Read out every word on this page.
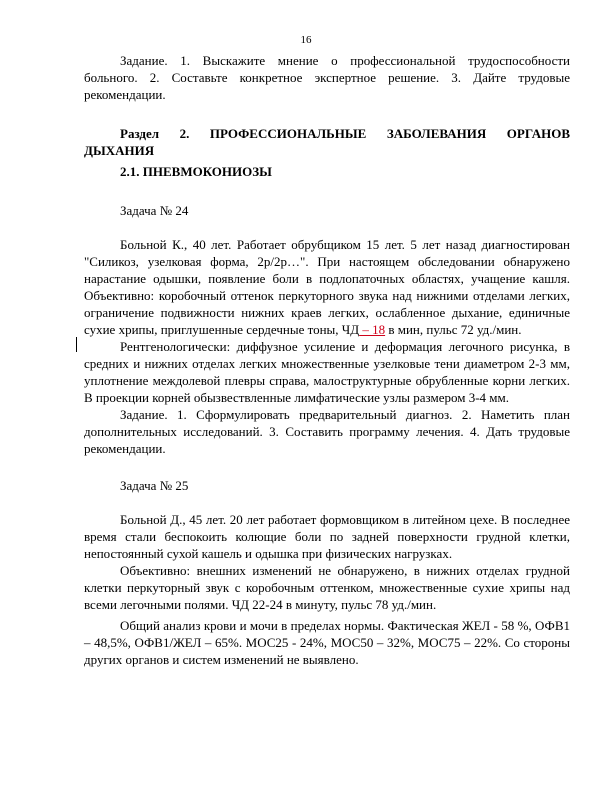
16

Задание. 1. Выскажите мнение о профессиональной трудоспособности больного. 2. Составьте конкретное экспертное решение. 3. Дайте трудовые рекомендации.

Раздел 2. ПРОФЕССИОНАЛЬНЫЕ ЗАБОЛЕВАНИЯ ОРГАНОВ ДЫХАНИЯ
2.1. ПНЕВМОКОНИОЗЫ
Задача № 24

Больной К., 40 лет. Работает обрубщиком 15 лет. 5 лет назад диагностирован "Силикоз, узелковая форма, 2р/2р…". При настоящем обследовании обнаружено нарастание одышки, появление боли в подлопаточных областях, учащение кашля. Объективно: коробочный оттенок перкуторного звука над нижними отделами легких, ограничение подвижности нижних краев легких, ослабленное дыхание, единичные сухие хрипы, приглушенные сердечные тоны, ЧД – 18 в мин, пульс 72 уд./мин.

Рентгенологически: диффузное усиление и деформация легочного рисунка, в средних и нижних отделах легких множественные узелковые тени диаметром 2-3 мм, уплотнение междолевой плевры справа, малоструктурные обрубленные корни легких. В проекции корней обызвествленные лимфатические узлы размером 3-4 мм.

Задание. 1. Сформулировать предварительный диагноз. 2. Наметить план дополнительных исследований. 3. Составить программу лечения. 4. Дать трудовые рекомендации.

Задача № 25

Больной Д., 45 лет. 20 лет работает формовщиком в литейном цехе. В последнее время стали беспокоить колющие боли по задней поверхности грудной клетки, непостоянный сухой кашель и одышка при физических нагрузках.

Объективно: внешних изменений не обнаружено, в нижних отделах грудной клетки перкуторный звук с коробочным оттенком, множественные сухие хрипы над всеми легочными полями. ЧД 22-24 в минуту, пульс 78 уд./мин.

Общий анализ крови и мочи в пределах нормы. Фактическая ЖЕЛ - 58 %, ОФВ1 – 48,5%, ОФВ1/ЖЕЛ – 65%. МОС25 - 24%, МОС50 – 32%, МОС75 – 22%. Со стороны других органов и систем изменений не выявлено.
